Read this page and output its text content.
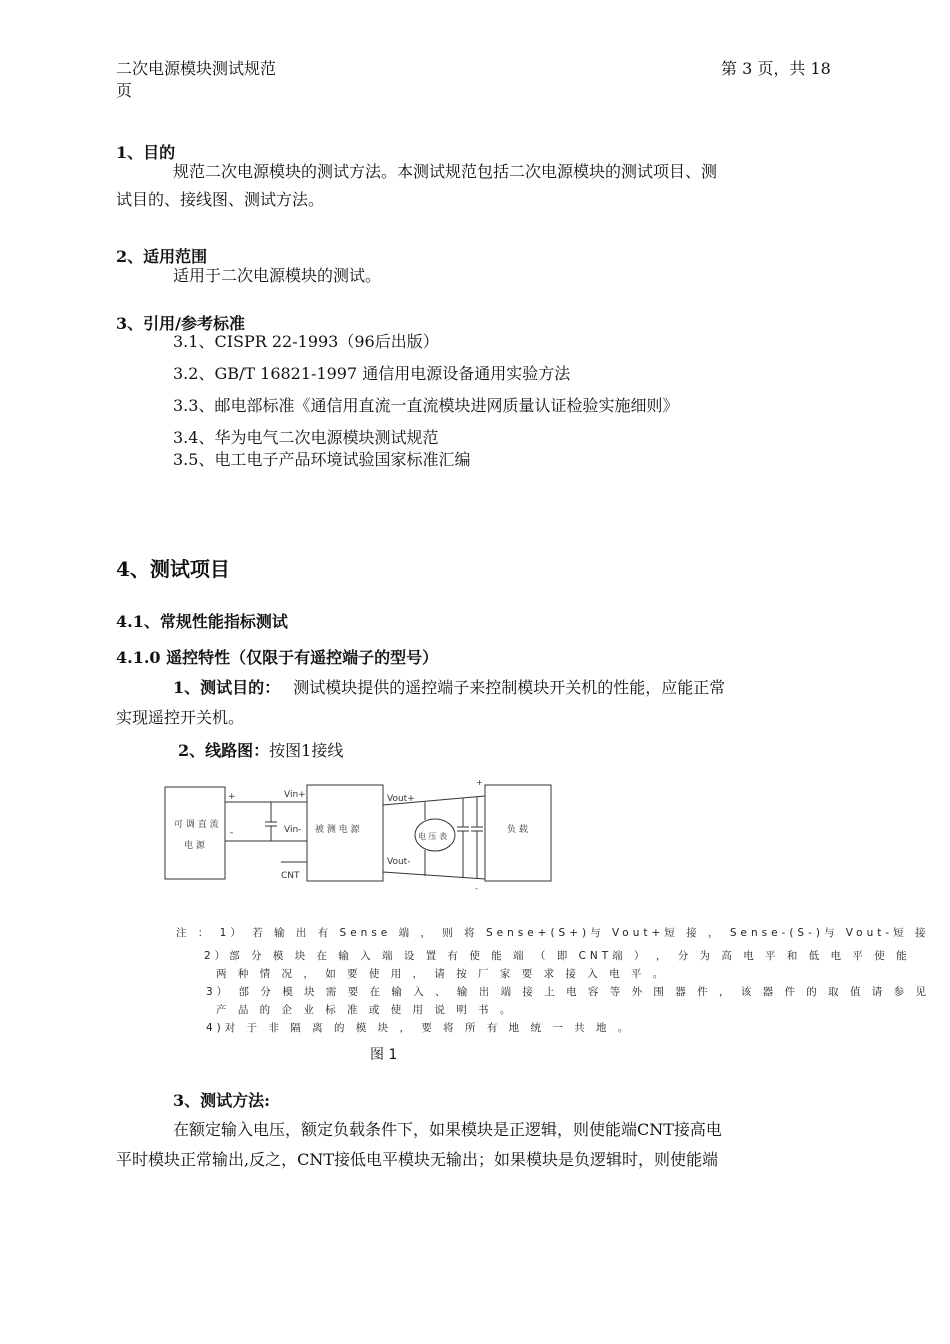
二次电源模块测试规范	第 3 页，共 18
页
1、目的
规范二次电源模块的测试方法。本测试规范包括二次电源模块的测试项目、测
试目的、接线图、测试方法。
2、适用范围
适用于二次电源模块的测试。
3、引用/参考标准
3.1、CISPR 22-1993（96后出版）
3.2、GB/T 16821-1997 通信用电源设备通用实验方法
3.3、邮电部标准《通信用直流一直流模块进网质量认证检验实施细则》
3.4、华为电气二次电源模块测试规范
3.5、电工电子产品环境试验国家标准汇编
4、测试项目
4.1、常规性能指标测试
4.1.0 遥控特性（仅限于有遥控端子的型号）
1、测试目的： 测试模块提供的遥控端子来控制模块开关机的性能，应能正常
实现遥控开关机。
2、线路图：按图1接线
可 调 直 流
电 源
+
-
Vin+
Vin-
CNT
被 测 电 源
Vout+
Vout-
电 压 表
+
-
负 载
注 ： 1） 若 输 出 有 Sense 端 ， 则 将 Sense+(S+)与 Vout+短 接 ， Sense-(S-)与 Vout-短 接
2）部 分 模 块 在 输 入 端 设 置 有 使 能 端 （ 即 CNT端 ） ， 分 为 高 电 平 和 低 电 平 使 能
两 种 情 况 ， 如 要 使 用 ， 请 按 厂 家 要 求 接 入 电 平 。
3） 部 分 模 块 需 要 在 输 入 、 输 出 端 接 上 电 容 等 外 围 器 件 ， 该 器 件 的 取 值 请 参 见
产 品 的 企 业 标 准 或 使 用 说 明 书 。
4)对 于 非 隔 离 的 模 块 ， 要 将 所 有 地 统 一 共 地 。
图 1
3、测试方法:
在额定输入电压，额定负载条件下，如果模块是正逻辑，则使能端CNT接高电
平时模块正常输出,反之，CNT接低电平模块无输出；如果模块是负逻辑时，则使能端
